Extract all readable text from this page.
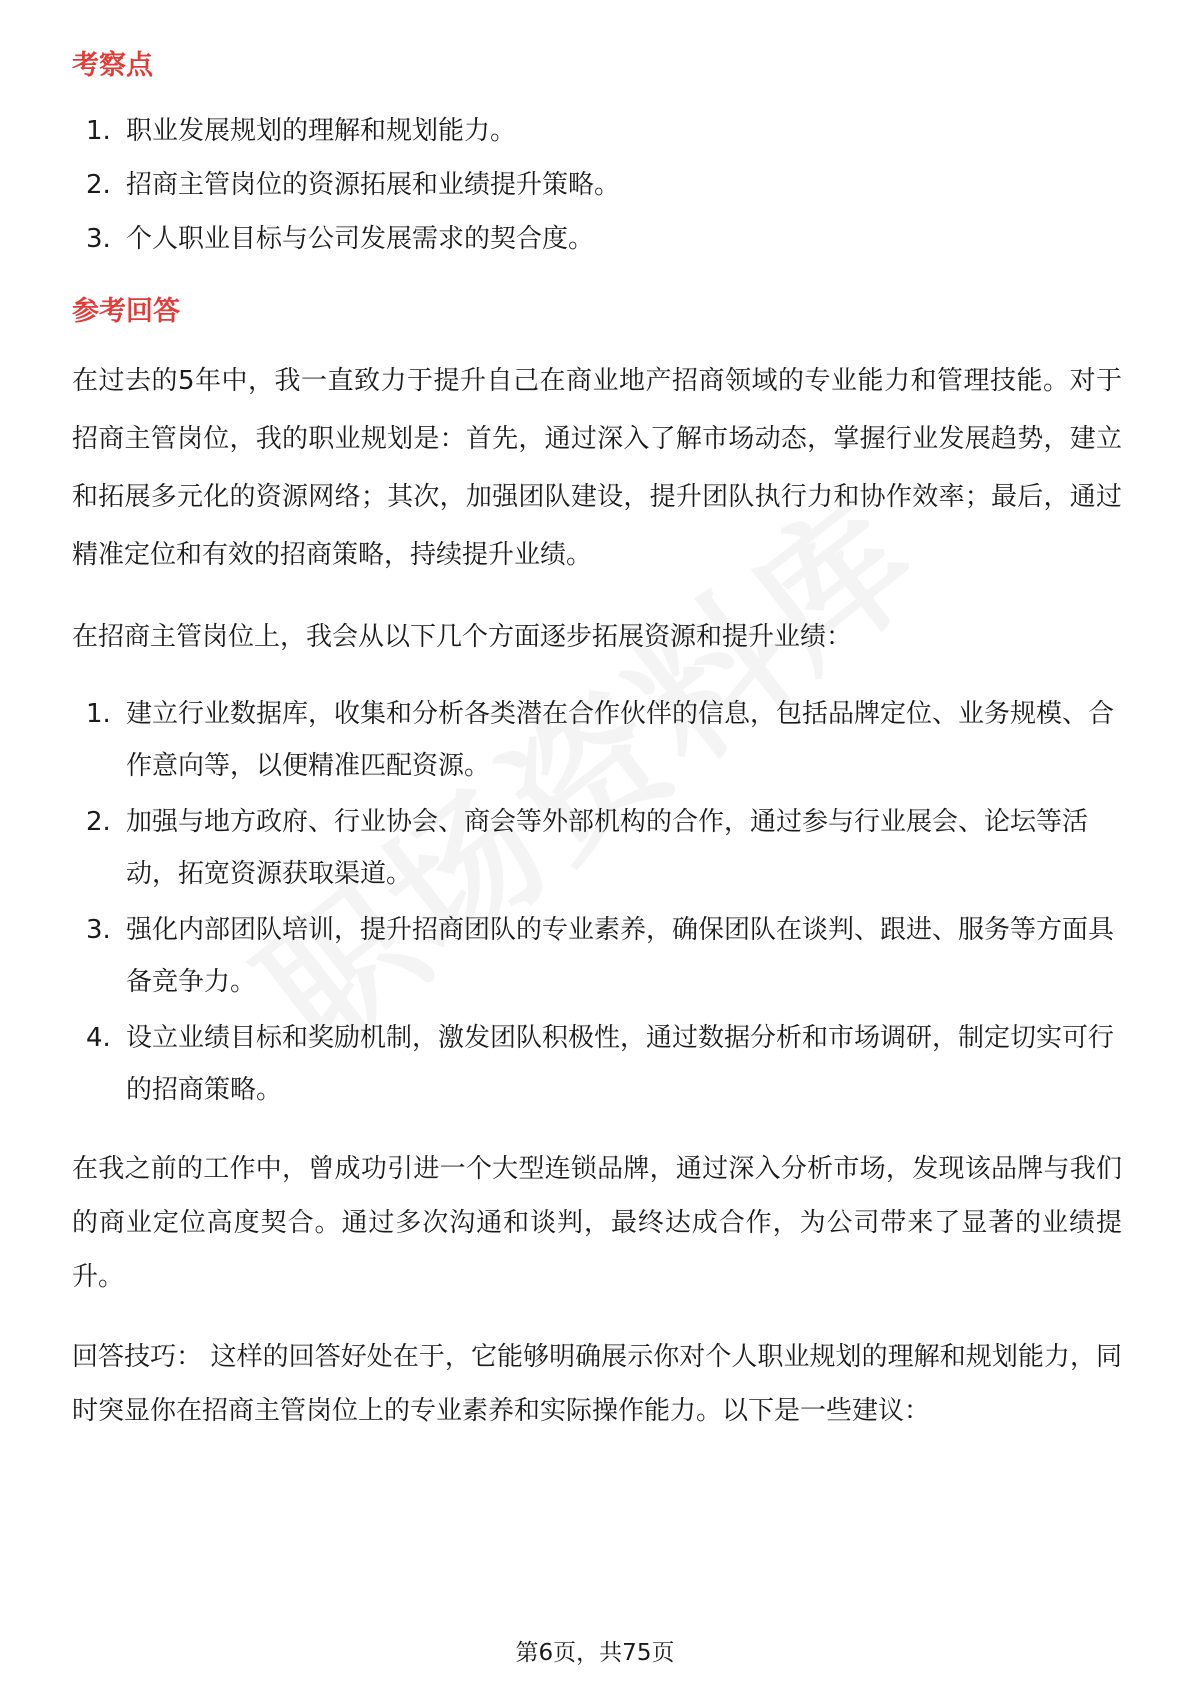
考察点
1. 职业发展规划的理解和规划能力。
2. 招商主管岗位的资源拓展和业绩提升策略。
3. 个人职业目标与公司发展需求的契合度。
参考回答

在过去的5年中，我一直致力于提升自己在商业地产招商领域的专业能力和管理技能。对于招商主管岗位，我的职业规划是：首先，通过深入了解市场动态，掌握行业发展趋势，建立和拓展多元化的资源网络；其次，加强团队建设，提升团队执行力和协作效率；最后，通过精准定位和有效的招商策略，持续提升业绩。

在招商主管岗位上，我会从以下几个方面逐步拓展资源和提升业绩：

1. 建立行业数据库，收集和分析各类潜在合作伙伴的信息，包括品牌定位、业务规模、合作意向等，以便精准匹配资源。
2. 加强与地方政府、行业协会、商会等外部机构的合作，通过参与行业展会、论坛等活动，拓宽资源获取渠道。
3. 强化内部团队培训，提升招商团队的专业素养，确保团队在谈判、跟进、服务等方面具备竞争力。
4. 设立业绩目标和奖励机制，激发团队积极性，通过数据分析和市场调研，制定切实可行的招商策略。

在我之前的工作中，曾成功引进一个大型连锁品牌，通过深入分析市场，发现该品牌与我们的商业定位高度契合。通过多次沟通和谈判，最终达成合作，为公司带来了显著的业绩提升。

回答技巧： 这样的回答好处在于，它能够明确展示你对个人职业规划的理解和规划能力，同时突显你在招商主管岗位上的专业素养和实际操作能力。以下是一些建议：

第6页，共75页
